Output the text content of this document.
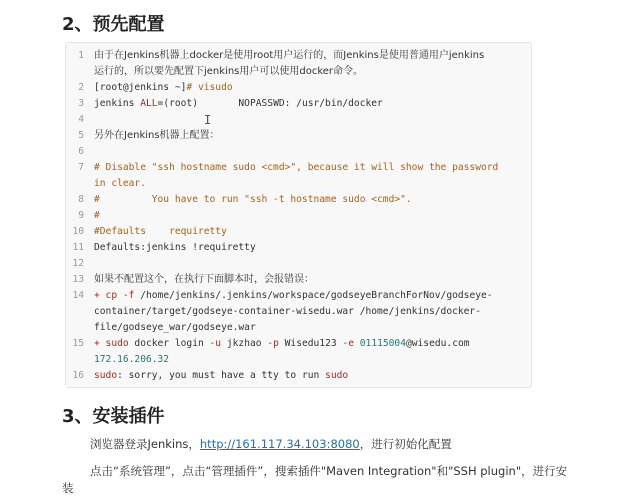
2、预先配置
1 由于在Jenkins机器上docker是使用root用户运行的，而Jenkins是使用普通用户jenkins
运行的，所以要先配置下jenkins用户可以使用docker命令。
2 [root@jenkins ~]# visudo
3 jenkins ALL=(root)       NOPASSWD: /usr/bin/docker
4
5 另外在Jenkins机器上配置：
6
7 # Disable "ssh hostname sudo <cmd>", because it will show the password
in clear.
8 #         You have to run "ssh -t hostname sudo <cmd>".
9 #
10 #Defaults    requiretty
11 Defaults:jenkins !requiretty
12
13 如果不配置这个，在执行下面脚本时，会报错误：
14 + cp -f /home/jenkins/.jenkins/workspace/godseyeBranchForNov/godseye-
container/target/godseye-container-wisedu.war /home/jenkins/docker-
file/godseye_war/godseye.war
15 + sudo docker login -u jkzhao -p Wisedu123 -e 01115004@wisedu.com
172.16.206.32
16 sudo: sorry, you must have a tty to run sudo
I
3、安装插件
浏览器登录Jenkins，http://161.117.34.103:8080，进行初始化配置
点击“系统管理”，点击“管理插件”，搜索插件"Maven Integration"和"SSH plugin"，进行安
装
